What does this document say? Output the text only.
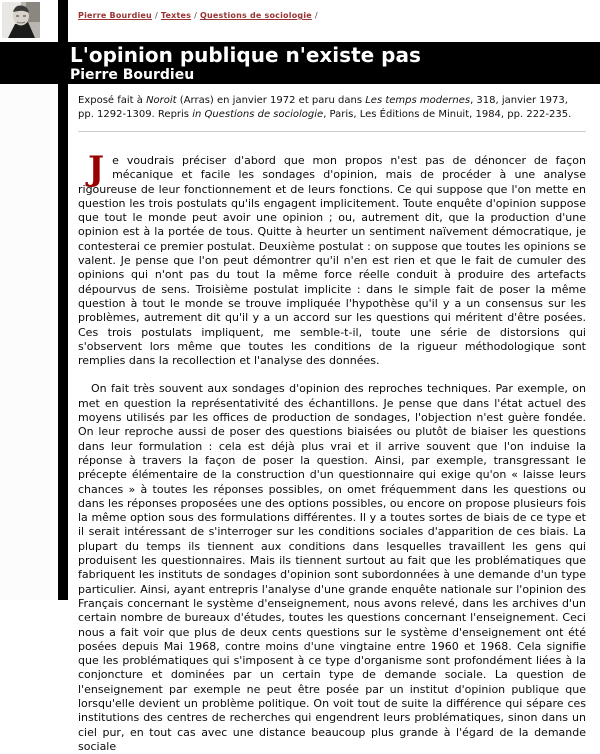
Pierre Bourdieu / Textes / Questions de sociologie /
L'opinion publique n'existe pas
Pierre Bourdieu

Exposé fait à Noroit (Arras) en janvier 1972 et paru dans Les temps modernes, 318, janvier 1973, pp. 1292-1309. Repris in Questions de sociologie, Paris, Les Éditions de Minuit, 1984, pp. 222-235.

Je voudrais préciser d'abord que mon propos n'est pas de dénoncer de façon mécanique et facile les sondages d'opinion, mais de procéder à une analyse rigoureuse de leur fonctionnement et de leurs fonctions. Ce qui suppose que l'on mette en question les trois postulats qu'ils engagent implicitement. Toute enquête d'opinion suppose que tout le monde peut avoir une opinion ; ou, autrement dit, que la production d'une opinion est à la portée de tous. Quitte à heurter un sentiment naïvement démocratique, je contesterai ce premier postulat. Deuxième postulat : on suppose que toutes les opinions se valent. Je pense que l'on peut démontrer qu'il n'en est rien et que le fait de cumuler des opinions qui n'ont pas du tout la même force réelle conduit à produire des artefacts dépourvus de sens. Troisième postulat implicite : dans le simple fait de poser la même question à tout le monde se trouve impliquée l'hypothèse qu'il y a un consensus sur les problèmes, autrement dit qu'il y a un accord sur les questions qui méritent d'être posées. Ces trois postulats impliquent, me semble-t-il, toute une série de distorsions qui s'observent lors même que toutes les conditions de la rigueur méthodologique sont remplies dans la recollection et l'analyse des données.

On fait très souvent aux sondages d'opinion des reproches techniques. Par exemple, on met en question la représentativité des échantillons. Je pense que dans l'état actuel des moyens utilisés par les offices de production de sondages, l'objection n'est guère fondée. On leur reproche aussi de poser des questions biaisées ou plutôt de biaiser les questions dans leur formulation : cela est déjà plus vrai et il arrive souvent que l'on induise la réponse à travers la façon de poser la question. Ainsi, par exemple, transgressant le précepte élémentaire de la construction d'un questionnaire qui exige qu'on « laisse leurs chances » à toutes les réponses possibles, on omet fréquemment dans les questions ou dans les réponses proposées une des options possibles, ou encore on propose plusieurs fois la même option sous des formulations différentes. Il y a toutes sortes de biais de ce type et il serait intéressant de s'interroger sur les conditions sociales d'apparition de ces biais. La plupart du temps ils tiennent aux conditions dans lesquelles travaillent les gens qui produisent les questionnaires. Mais ils tiennent surtout au fait que les problématiques que fabriquent les instituts de sondages d'opinion sont subordonnées à une demande d'un type particulier. Ainsi, ayant entrepris l'analyse d'une grande enquête nationale sur l'opinion des Français concernant le système d'enseignement, nous avons relevé, dans les archives d'un certain nombre de bureaux d'études, toutes les questions concernant l'enseignement. Ceci nous a fait voir que plus de deux cents questions sur le système d'enseignement ont été posées depuis Mai 1968, contre moins d'une vingtaine entre 1960 et 1968. Cela signifie que les problématiques qui s'imposent à ce type d'organisme sont profondément liées à la conjoncture et dominées par un certain type de demande sociale. La question de l'enseignement par exemple ne peut être posée par un institut d'opinion publique que lorsqu'elle devient un problème politique. On voit tout de suite la différence qui sépare ces institutions des centres de recherches qui engendrent leurs problématiques, sinon dans un ciel pur, en tout cas avec une distance beaucoup plus grande à l'égard de la demande sociale
